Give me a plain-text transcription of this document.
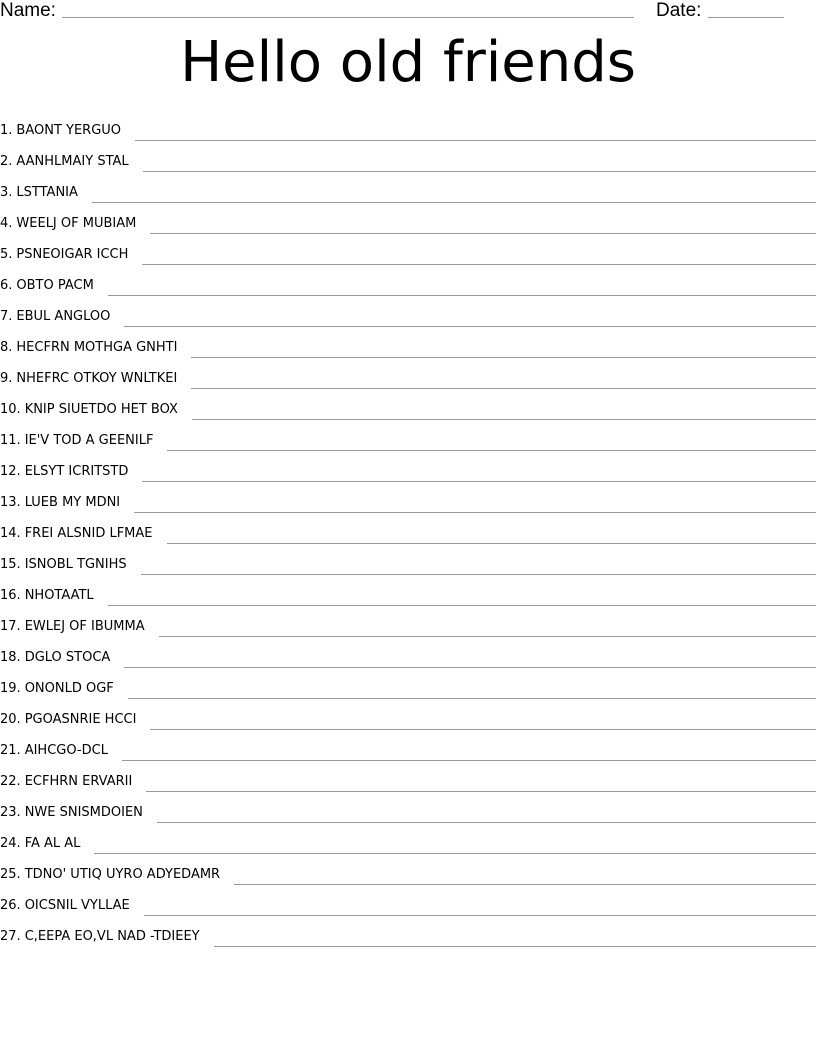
Name:	Date:
Hello old friends
1. BAONT YERGUO
2. AANHLMAIY STAL
3. LSTTANIA
4. WEELJ OF MUBIAM
5. PSNEOIGAR ICCH
6. OBTO PACM
7. EBUL ANGLOO
8. HECFRN MOTHGA GNHTI
9. NHEFRC OTKOY WNLTKEI
10. KNIP SIUETDO HET BOX
11. IE'V TOD A GEENILF
12. ELSYT ICRITSTD
13. LUEB MY MDNI
14. FREI ALSNID LFMAE
15. ISNOBL TGNIHS
16. NHOTAATL
17. EWLEJ OF IBUMMA
18. DGLO STOCA
19. ONONLD OGF
20. PGOASNRIE HCCI
21. AIHCGO-DCL
22. ECFHRN ERVARII
23. NWE SNISMDOIEN
24. FA AL AL
25. TDNO' UTIQ UYRO ADYEDAMR
26. OICSNIL VYLLAE
27. C,EEPA EO,VL NAD -TDIEEY
